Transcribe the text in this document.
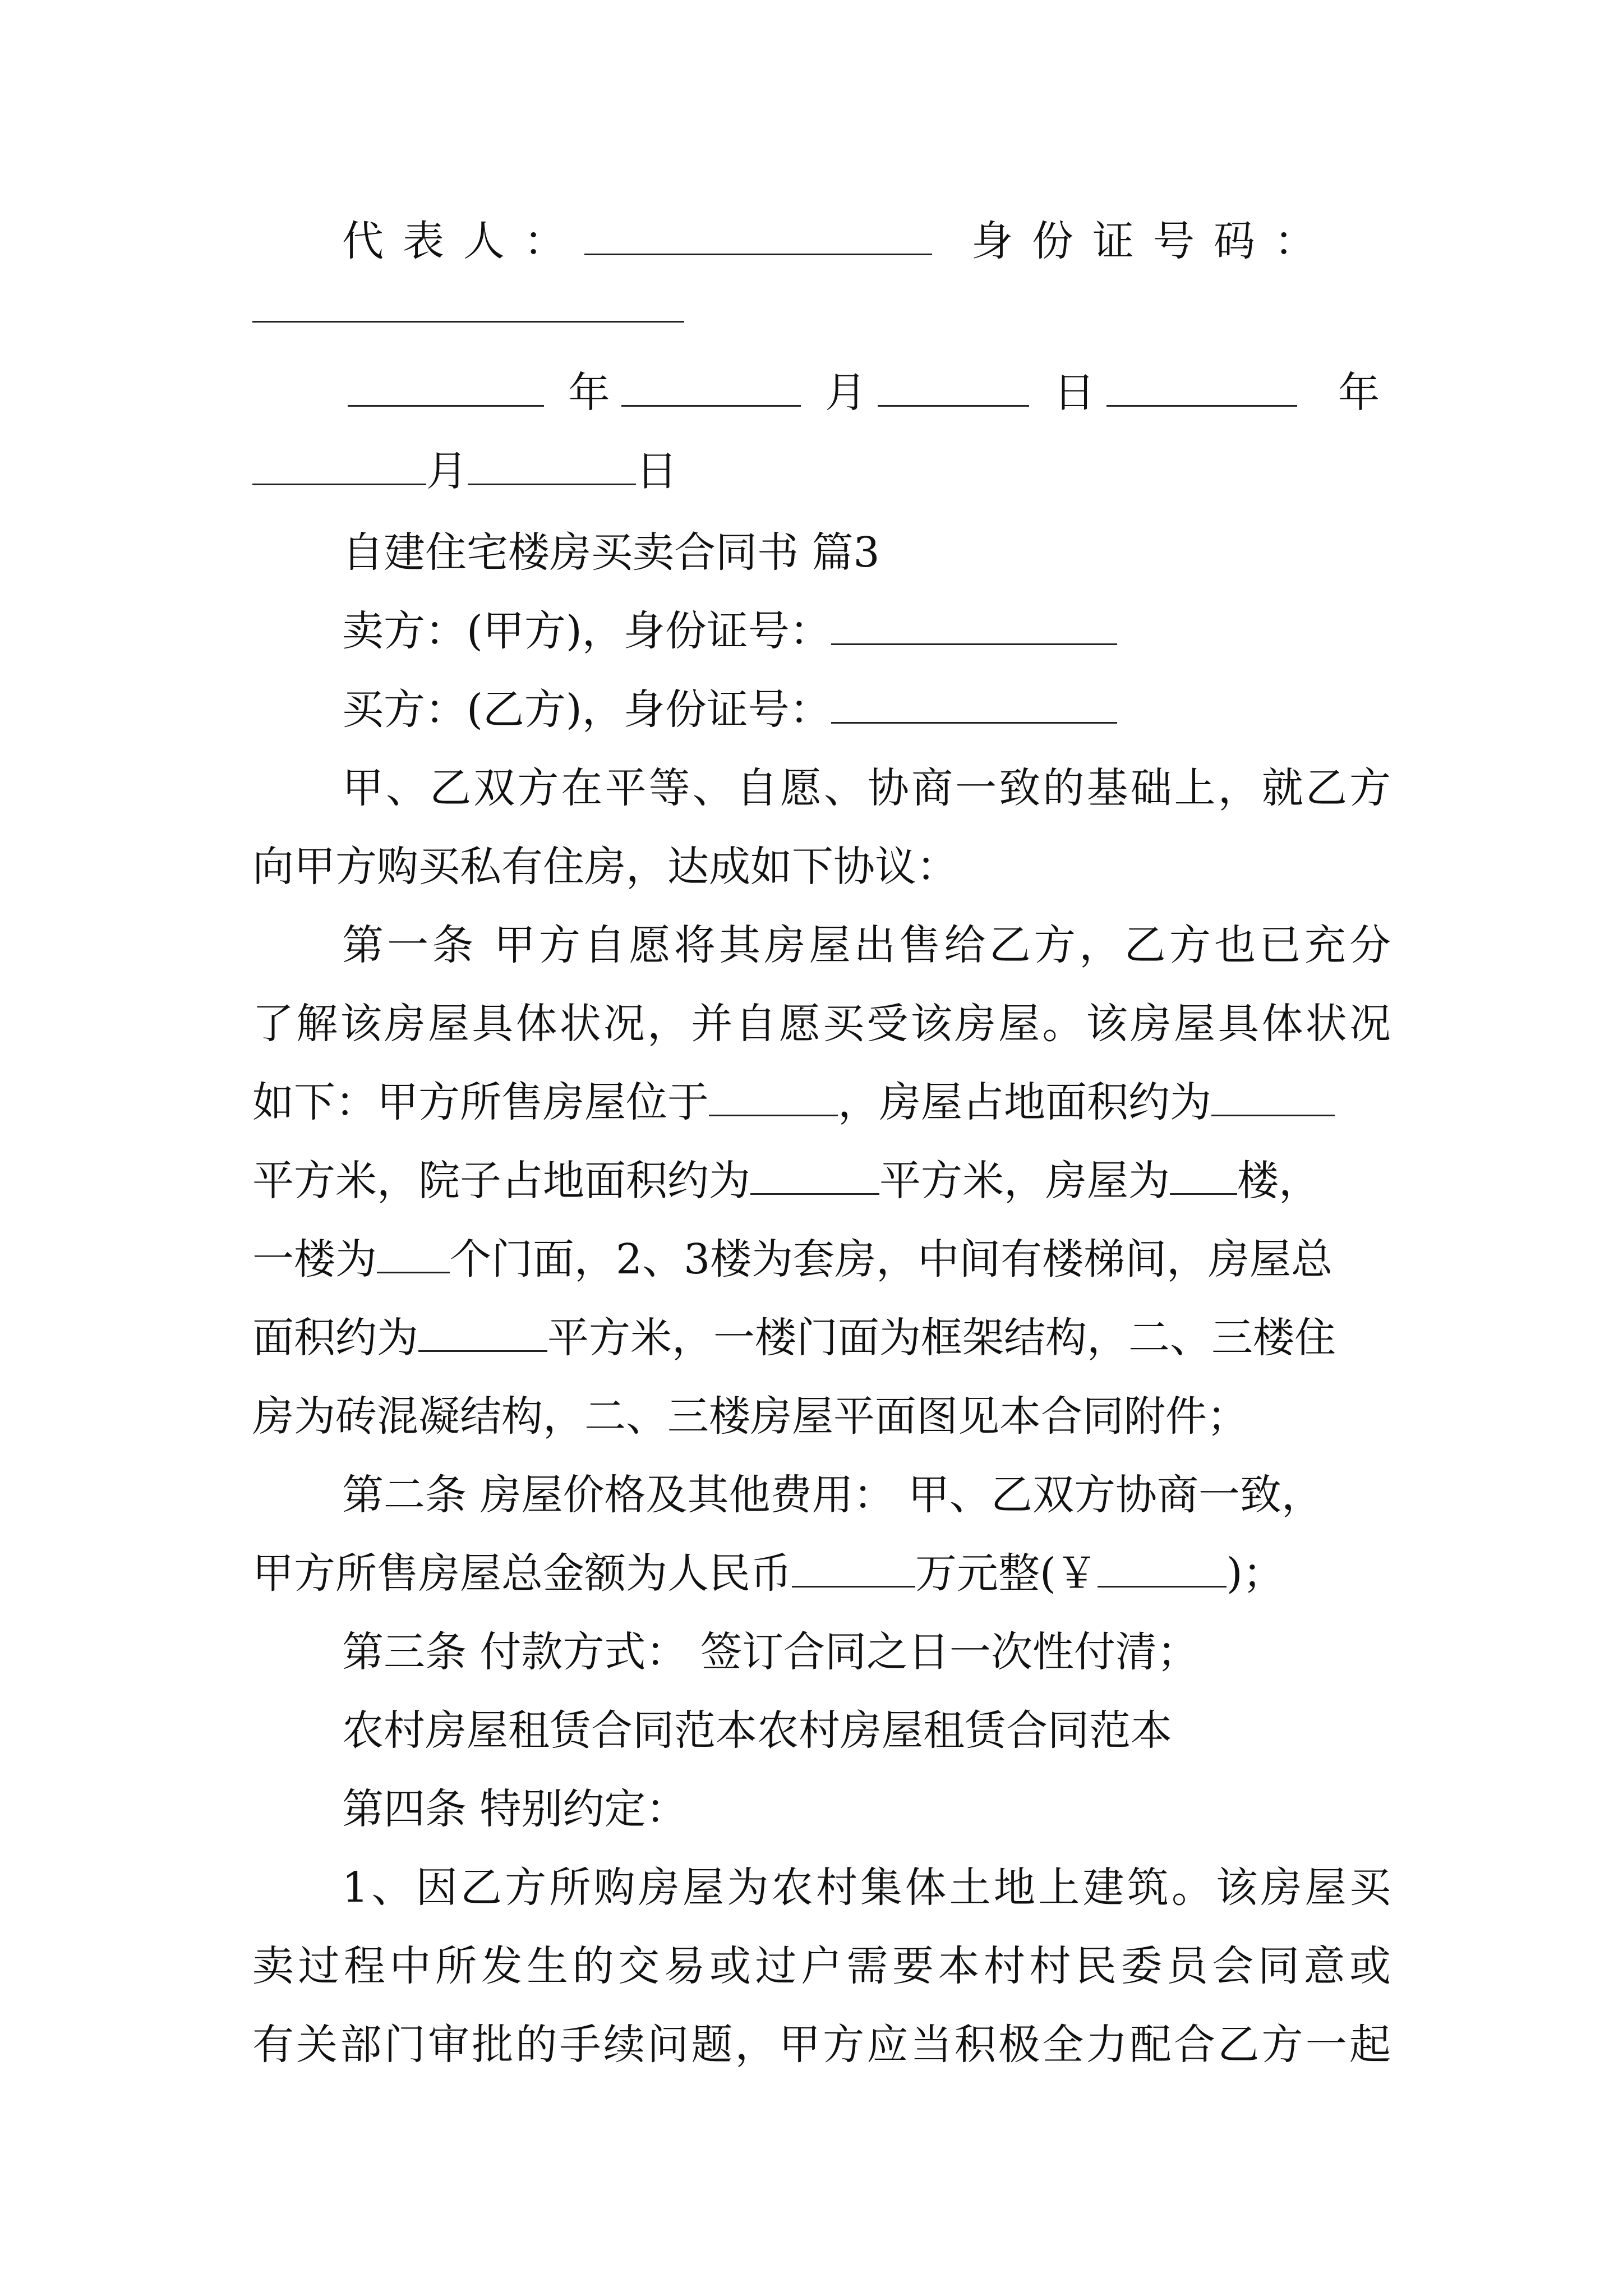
代表人：	身份证号码：
年	月	日	年
月	日
自建住宅楼房买卖合同书 篇3
卖方：(甲方)，身份证号：
买方：(乙方)，身份证号：
甲、乙双方在平等、自愿、协商一致的基础上，就乙方
向甲方购买私有住房，达成如下协议：
第一条 甲方自愿将其房屋出售给乙方，乙方也已充分
了解该房屋具体状况，并自愿买受该房屋。该房屋具体状况
如下：甲方所售房屋位于	，房屋占地面积约为
平方米，院子占地面积约为	平方米，房屋为 楼，
一楼为 个门面，2、3楼为套房，中间有楼梯间，房屋总
面积约为	平方米，一楼门面为框架结构，二、三楼住
房为砖混凝结构，二、三楼房屋平面图见本合同附件；
第二条 房屋价格及其他费用： 甲、乙双方协商一致，
甲方所售房屋总金额为人民币	万元整(￥	)；
第三条 付款方式： 签订合同之日一次性付清；
农村房屋租赁合同范本农村房屋租赁合同范本
第四条 特别约定：
1、因乙方所购房屋为农村集体土地上建筑。该房屋买
卖过程中所发生的交易或过户需要本村村民委员会同意或
有关部门审批的手续问题，甲方应当积极全力配合乙方一起
